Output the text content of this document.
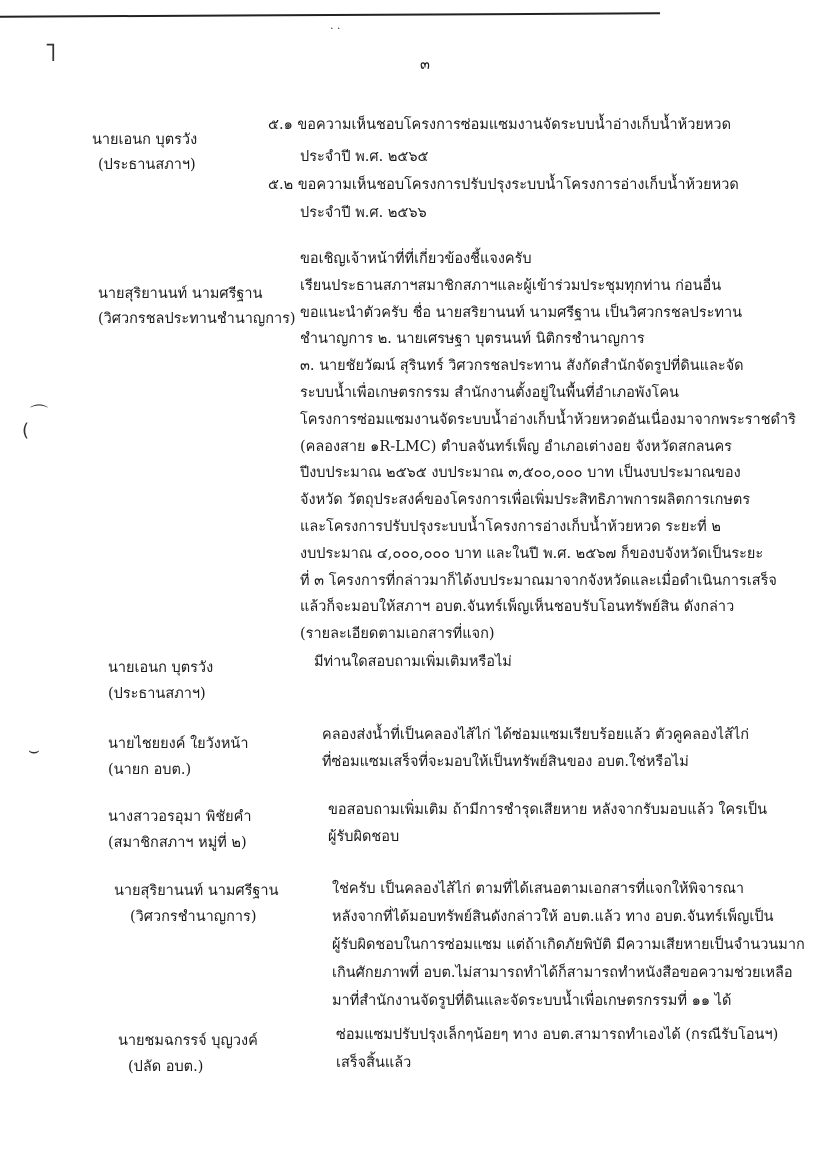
˥
· ·
⌒
(
⌣
๓
นายเอนก บุตรวัง
(ประธานสภาฯ)
๕.๑ ขอความเห็นชอบโครงการซ่อมแซมงานจัดระบบน้ำอ่างเก็บน้ำห้วยหวด
ประจำปี พ.ศ. ๒๕๖๕
๕.๒ ขอความเห็นชอบโครงการปรับปรุงระบบน้ำโครงการอ่างเก็บน้ำห้วยหวด
ประจำปี พ.ศ. ๒๕๖๖
นายสุริยานนท์ นามศรีฐาน
(วิศวกรชลประทานชำนาญการ)
ขอเชิญเจ้าหน้าที่ที่เกี่ยวข้องชี้แจงครับ
เรียนประธานสภาฯสมาชิกสภาฯและผู้เข้าร่วมประชุมทุกท่าน ก่อนอื่น
ขอแนะนำตัวครับ ชื่อ นายสริยานนท์ นามศรีฐาน เป็นวิศวกรชลประทาน
ชำนาญการ ๒. นายเศรษฐา บุตรนนท์ นิติกรชำนาญการ
๓. นายชัยวัฒน์ สุรินทร์ วิศวกรชลประทาน สังกัดสำนักจัดรูปที่ดินและจัด
ระบบน้ำเพื่อเกษตรกรรม สำนักงานตั้งอยู่ในพื้นที่อำเภอพังโคน
โครงการซ่อมแซมงานจัดระบบน้ำอ่างเก็บน้ำห้วยหวดอันเนื่องมาจากพระราชดำริ
(คลองสาย ๑R-LMC) ตำบลจันทร์เพ็ญ อำเภอเต่างอย จังหวัดสกลนคร
ปีงบประมาณ ๒๕๖๕ งบประมาณ ๓,๕๐๐,๐๐๐ บาท เป็นงบประมาณของ
จังหวัด วัตถุประสงค์ของโครงการเพื่อเพิ่มประสิทธิภาพการผลิตการเกษตร
และโครงการปรับปรุงระบบน้ำโครงการอ่างเก็บน้ำห้วยหวด ระยะที่ ๒
งบประมาณ ๔,๐๐๐,๐๐๐ บาท และในปี พ.ศ. ๒๕๖๗ ก็ของบจังหวัดเป็นระยะ
ที่ ๓ โครงการที่กล่าวมาก็ได้งบประมาณมาจากจังหวัดและเมื่อดำเนินการเสร็จ
แล้วก็จะมอบให้สภาฯ อบต.จันทร์เพ็ญเห็นชอบรับโอนทรัพย์สิน ดังกล่าว
(รายละเอียดตามเอกสารที่แจก)
นายเอนก บุตรวัง
(ประธานสภาฯ)
มีท่านใดสอบถามเพิ่มเติมหรือไม่
นายไชยยงค์ ใยวังหน้า
(นายก อบต.)
คลองส่งน้ำที่เป็นคลองไส้ไก่ ได้ซ่อมแซมเรียบร้อยแล้ว ตัวคูคลองไส้ไก่
ที่ซ่อมแซมเสร็จที่จะมอบให้เป็นทรัพย์สินของ อบต.ใช่หรือไม่
นางสาวอรอุมา พิชัยคำ
(สมาชิกสภาฯ หมู่ที่ ๒)
ขอสอบถามเพิ่มเติม ถ้ามีการชำรุดเสียหาย หลังจากรับมอบแล้ว ใครเป็น
ผู้รับผิดชอบ
นายสุริยานนท์ นามศรีฐาน
(วิศวกรชำนาญการ)
ใช่ครับ เป็นคลองไส้ไก่ ตามที่ได้เสนอตามเอกสารที่แจกให้พิจารณา
หลังจากที่ได้มอบทรัพย์สินดังกล่าวให้ อบต.แล้ว ทาง อบต.จันทร์เพ็ญเป็น
ผู้รับผิดชอบในการซ่อมแซม แต่ถ้าเกิดภัยพิบัติ มีความเสียหายเป็นจำนวนมาก
เกินศักยภาพที่ อบต.ไม่สามารถทำได้ก็สามารถทำหนังสือขอความช่วยเหลือ
มาที่สำนักงานจัดรูปที่ดินและจัดระบบน้ำเพื่อเกษตรกรรมที่ ๑๑ ได้
นายชมฉกรรจ์ บุญวงค์
(ปลัด อบต.)
ซ่อมแซมปรับปรุงเล็กๆน้อยๆ ทาง อบต.สามารถทำเองได้ (กรณีรับโอนฯ)
เสร็จสิ้นแล้ว
